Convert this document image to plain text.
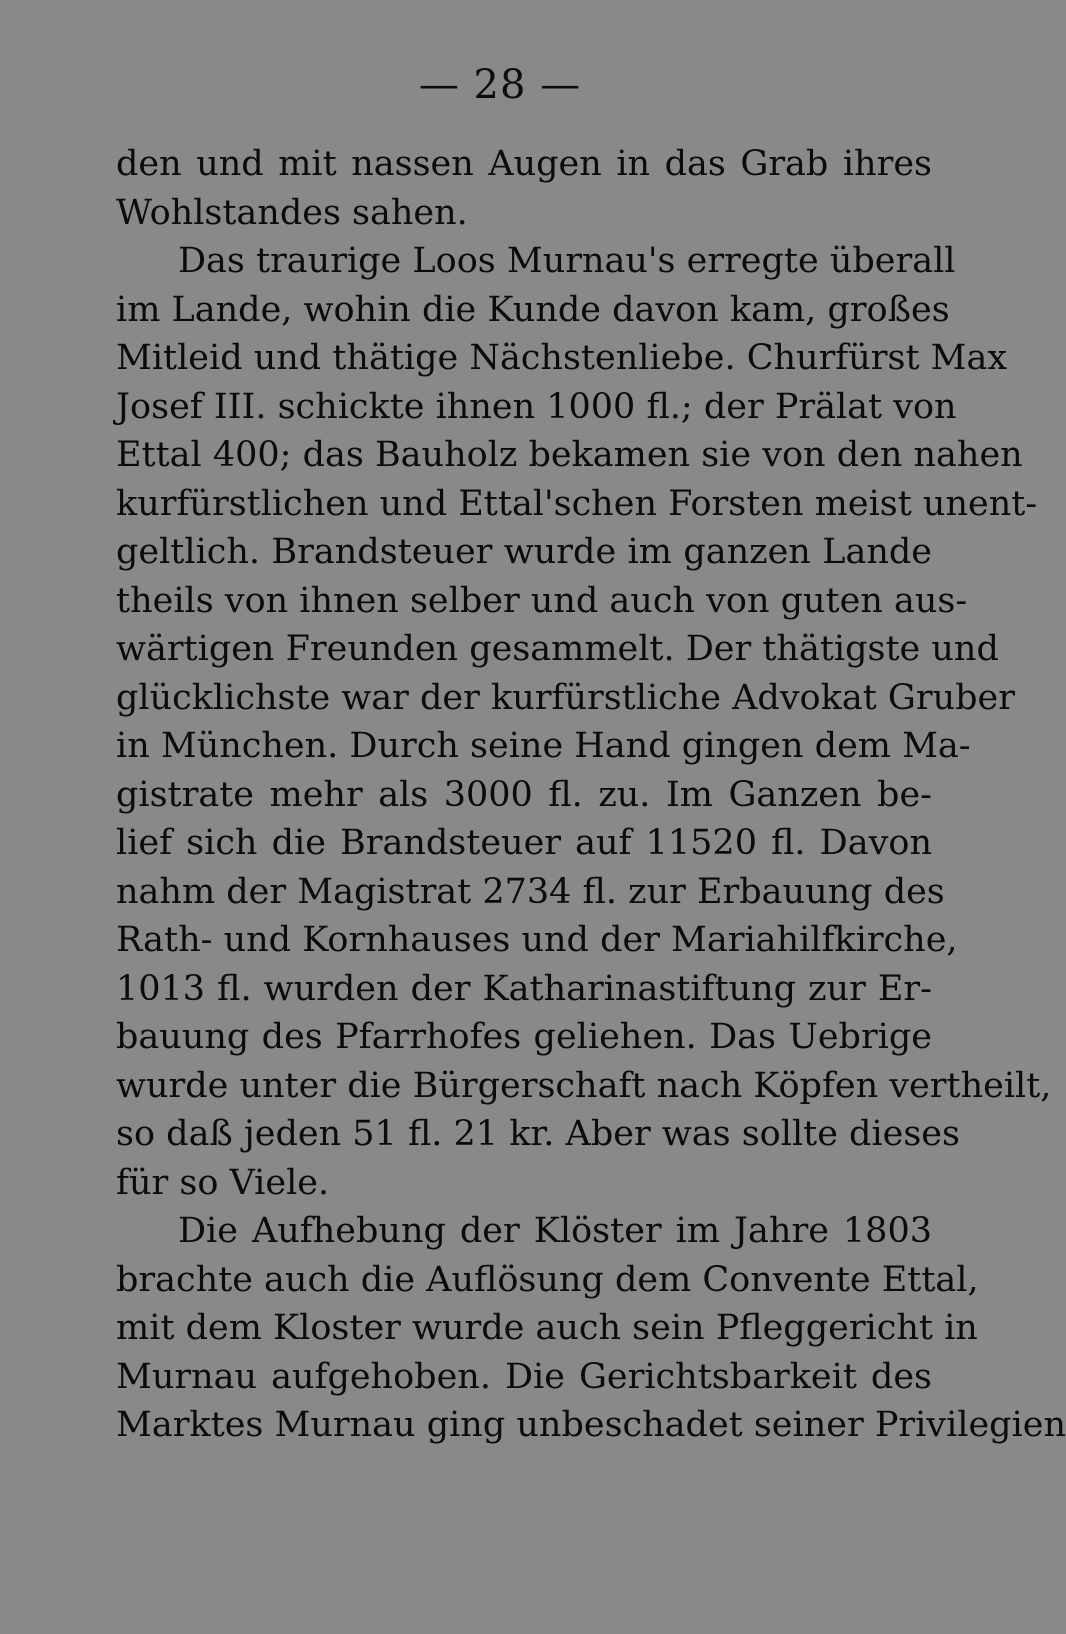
— 28 —
den und mit nassen Augen in das Grab ihres
Wohlstandes sahen.
Das traurige Loos Murnau's erregte überall
im Lande, wohin die Kunde davon kam, großes
Mitleid und thätige Nächstenliebe. Churfürst Max
Josef III. schickte ihnen 1000 fl.; der Prälat von
Ettal 400; das Bauholz bekamen sie von den nahen
kurfürstlichen und Ettal'schen Forsten meist unent-
geltlich. Brandsteuer wurde im ganzen Lande
theils von ihnen selber und auch von guten aus-
wärtigen Freunden gesammelt. Der thätigste und
glücklichste war der kurfürstliche Advokat Gruber
in München. Durch seine Hand gingen dem Ma-
gistrate mehr als 3000 fl. zu. Im Ganzen be-
lief sich die Brandsteuer auf 11520 fl. Davon
nahm der Magistrat 2734 fl. zur Erbauung des
Rath- und Kornhauses und der Mariahilfkirche,
1013 fl. wurden der Katharinastiftung zur Er-
bauung des Pfarrhofes geliehen. Das Uebrige
wurde unter die Bürgerschaft nach Köpfen vertheilt,
so daß jeden 51 fl. 21 kr. Aber was sollte dieses
für so Viele.
Die Aufhebung der Klöster im Jahre 1803
brachte auch die Auflösung dem Convente Ettal,
mit dem Kloster wurde auch sein Pfleggericht in
Murnau aufgehoben. Die Gerichtsbarkeit des
Marktes Murnau ging unbeschadet seiner Privilegien
